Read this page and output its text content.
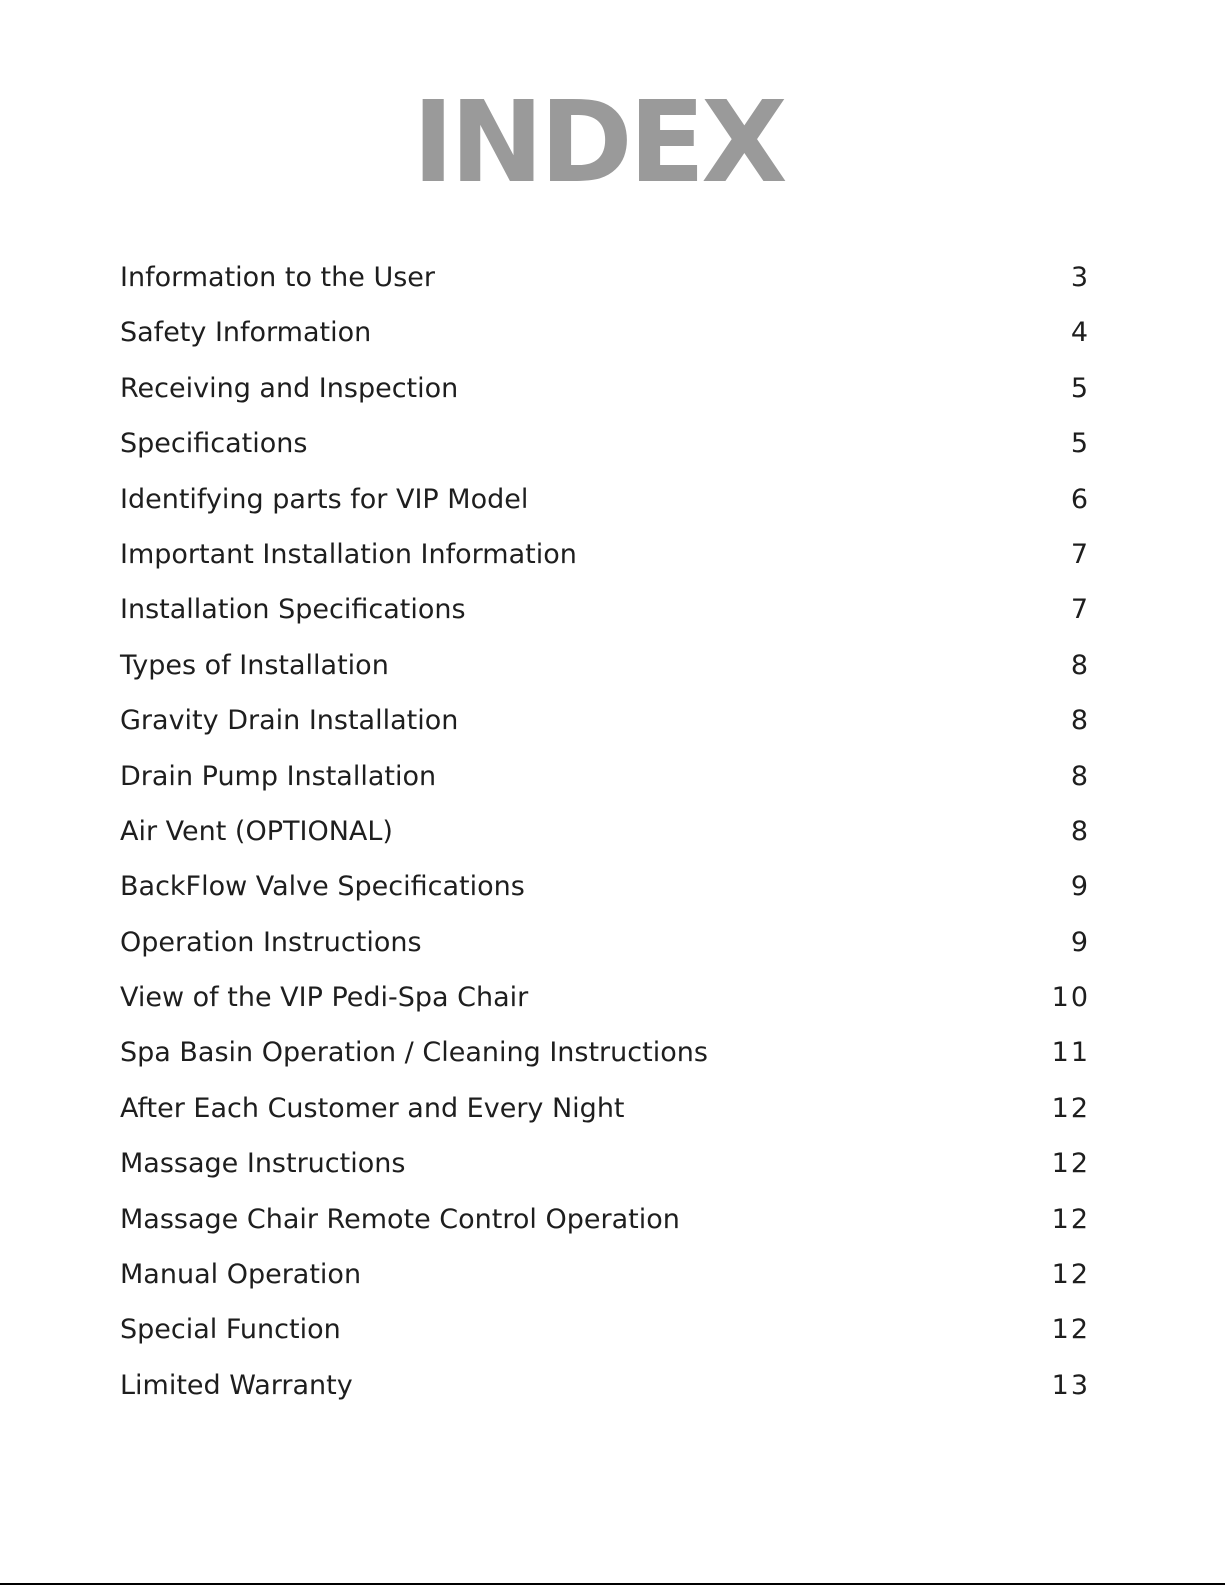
INDEX
Information to the User	3
Safety Information	4
Receiving and Inspection	5
Specifications	5
Identifying parts for VIP Model	6
Important Installation Information	7
Installation Specifications	7
Types of Installation	8
Gravity Drain Installation	8
Drain Pump Installation	8
Air Vent (OPTIONAL)	8
BackFlow Valve Specifications	9
Operation Instructions	9
View of the VIP Pedi-Spa Chair	10
Spa Basin Operation / Cleaning Instructions	11
After Each Customer and Every Night	12
Massage Instructions	12
Massage Chair Remote Control Operation	12
Manual Operation	12
Special Function	12
Limited Warranty	13
